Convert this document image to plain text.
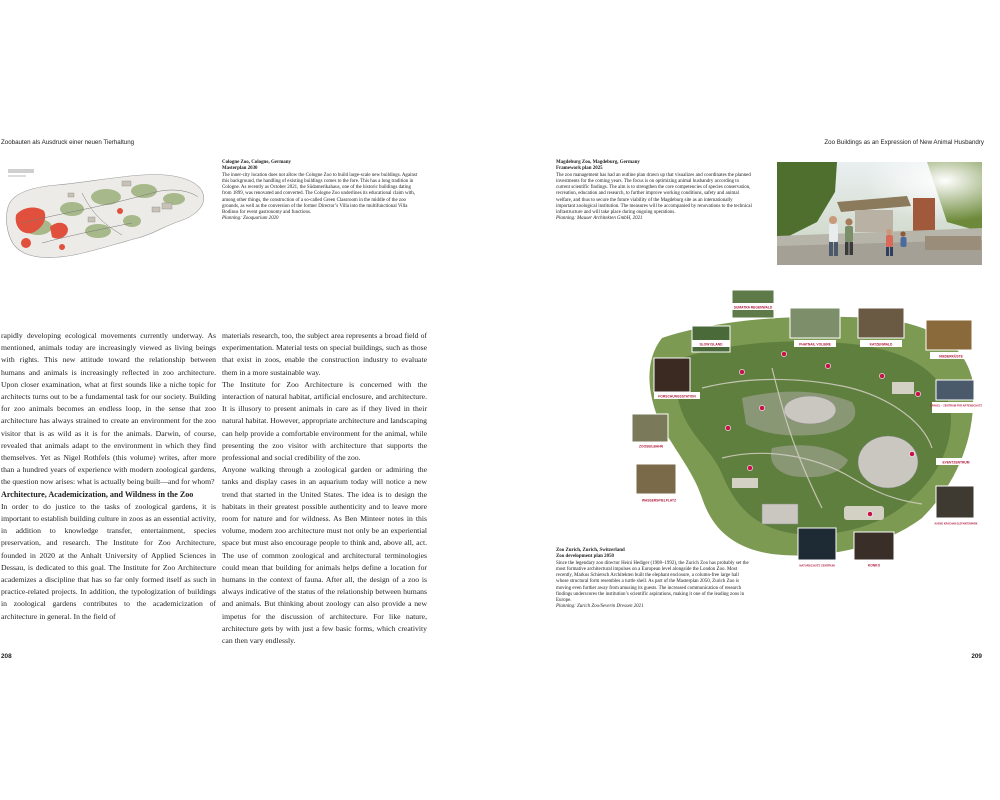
Zoobauten als Ausdruck einer neuen Tierhaltung	Zoo Buildings as an Expression of New Animal Husbandry
Cologne Zoo, Cologne, Germany
Masterplan 2030
The inner-city location does not allow the Cologne Zoo to build large-scale new buildings. Against this background, the handling of existing buildings comes to the fore. This has a long tradition in Cologne. As recently as October 2021, the Südamerikahaus, one of the historic buildings dating from 1899, was renovated and converted. The Cologne Zoo underlines its educational claim with, among other things, the construction of a so-called Green Classroom in the middle of the zoo grounds, as well as the conversion of the former Director’s Villa into the multifunctional Villa Bodinus for event gastronomy and functions.
Planning: Zooquarium 2020
Magdeburg Zoo, Magdeburg, Germany
Framework plan 2025
The zoo management has had an outline plan drawn up that visualizes and coordinates the planned investments for the coming years. The focus is on optimizing animal husbandry according to current scientific findings. The aim is to strengthen the core competencies of species conservation, recreation, education and research, to further improve working conditions, safety and animal welfare, and thus to secure the future viability of the Magdeburg site as an internationally important zoological institution. The measures will be accompanied by renovations to the technical infrastructure and will take place during ongoing operations.
Planning: Mauser Architekten GmbH, 2021
SLOW ISLAND
SUMATRA REGENWALD
PHATNAIL VOLIERE	KATZENWALD
NIEDERKÜSTE
FORSCHUNGSSTATION
GRAVEL – ZENTRUM FÜR ARTENSCHUTZ
ZOOSEILBAHN
EVENTZENTRUM
WASSERSPIELPLATZ
KAENG KRACHAN ELEFANTENPARK
NATURSCHUTZ ZENTRUM	KONKO

rapidly developing ecological movements currently underway. As mentioned, animals today are increasingly viewed as living beings with rights. This new attitude toward the relationship between humans and animals is increasingly reflected in zoo architecture. Upon closer examination, what at first sounds like a niche topic for architects turns out to be a fundamental task for our society. Building for zoo animals becomes an endless loop, in the sense that zoo architecture has always strained to create an environment for the zoo visitor that is as wild as it is for the animals. Darwin, of course, revealed that animals adapt to the environment in which they find themselves. Yet as Nigel Rothfels (this volume) writes, after more than a hundred years of experience with modern zoological gardens, the question now arises: what is actually being built—and for whom?

Architecture, Academicization, and Wildness in the Zoo

In order to do justice to the tasks of zoological gardens, it is important to establish building culture in zoos as an essential activity, in addition to knowledge transfer, entertainment, species preservation, and research. The Institute for Zoo Architecture, founded in 2020 at the Anhalt University of Applied Sciences in Dessau, is dedicated to this goal. The Institute for Zoo Architecture academizes a discipline that has so far only formed itself as such in practice-related projects. In addition, the typologization of buildings in zoological gardens contributes to the academicization of architecture in general. In the field of

materials research, too, the subject area represents a broad field of experimentation. Material tests on special buildings, such as those that exist in zoos, enable the construction industry to evaluate them in a more sustainable way.

The Institute for Zoo Architecture is concerned with the interaction of natural habitat, artificial enclosure, and architecture. It is illusory to present animals in care as if they lived in their natural habitat. However, appropriate architecture and landscaping can help provide a comfortable environment for the animal, while presenting the zoo visitor with architecture that supports the professional and social credibility of the zoo.

Anyone walking through a zoological garden or admiring the tanks and display cases in an aquarium today will notice a new trend that started in the United States. The idea is to design the habitats in their greatest possible authenticity and to leave more room for nature and for wildness. As Ben Minteer notes in this volume, modern zoo architecture must not only be an experiential space but must also encourage people to think and, above all, act. The use of common zoological and architectural terminologies could mean that building for animals helps define a location for humans in the context of fauna. After all, the design of a zoo is always indicative of the status of the relationship between humans and animals. But thinking about zoology can also provide a new impetus for the discussion of architecture. For like nature, architecture gets by with just a few basic forms, which creativity can then vary endlessly.

Zoo Zurich, Zurich, Switzerland
Zoo development plan 2050
Since the legendary zoo director Heini Hediger (1908–1992), the Zurich Zoo has probably set the most formative architectural impulses on a European level alongside the London Zoo. Most recently, Markus Schietsch Architekten built the elephant enclosure, a column-free large hall whose structural form resembles a turtle shell. As part of the Masterplan 2050, Zurich Zoo is moving even further away from amusing its guests. The increased communication of research findings underscores the institution’s scientific aspirations, making it one of the leading zoos in Europe.
Planning: Zurich Zoo/Severin Dressen 2021
208	209
